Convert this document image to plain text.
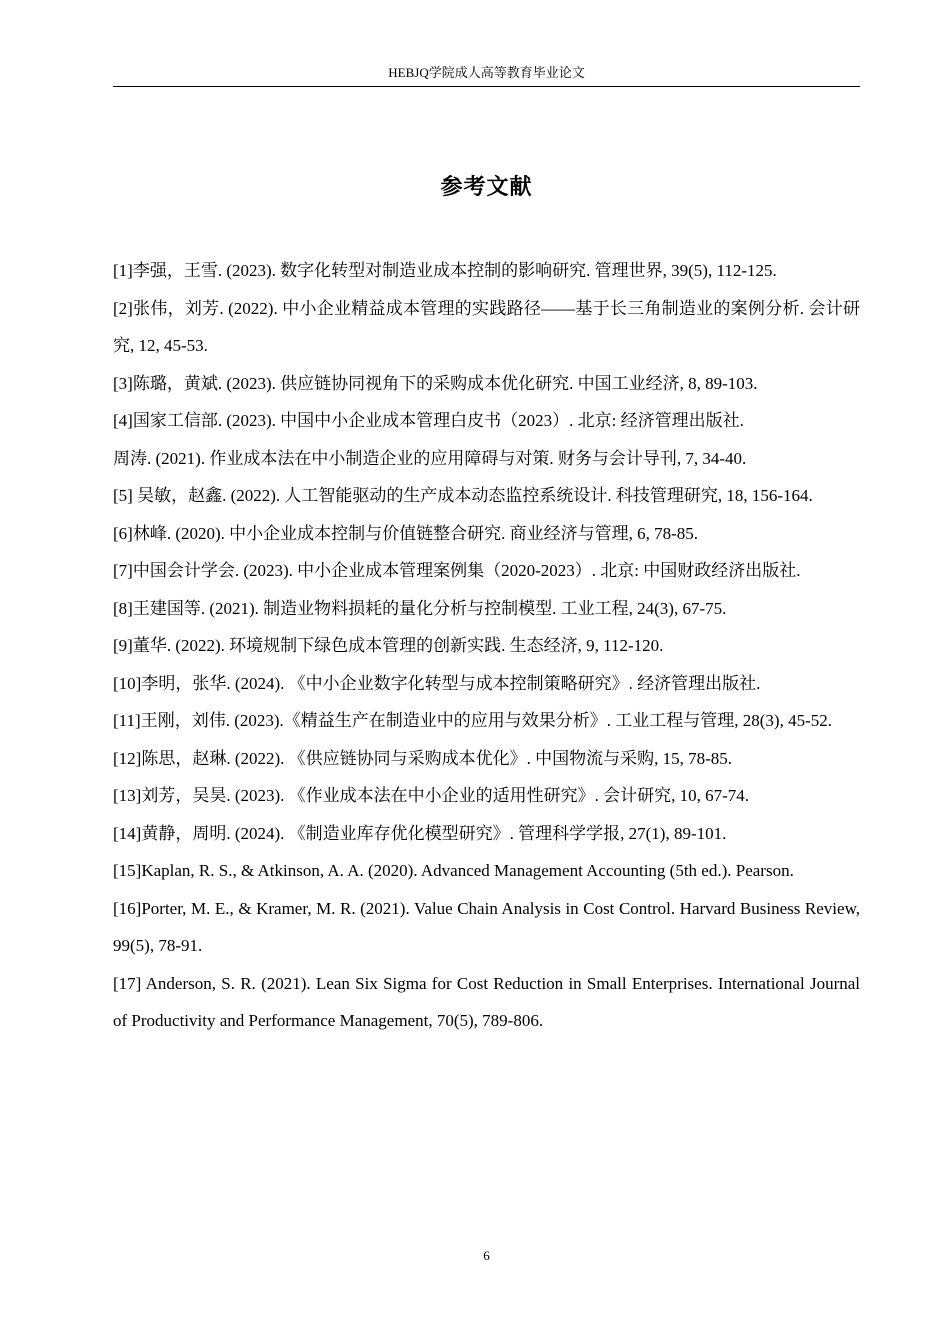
HEBJQ学院成人高等教育毕业论文
参考文献
[1]李强，王雪. (2023). 数字化转型对制造业成本控制的影响研究. 管理世界, 39(5), 112-125.
[2]张伟，刘芳. (2022). 中小企业精益成本管理的实践路径——基于长三角制造业的案例分析. 会计研究, 12, 45-53.
[3]陈璐，黄斌. (2023). 供应链协同视角下的采购成本优化研究. 中国工业经济, 8, 89-103.
[4]国家工信部. (2023). 中国中小企业成本管理白皮书（2023）. 北京: 经济管理出版社.
周涛. (2021). 作业成本法在中小制造企业的应用障碍与对策. 财务与会计导刊, 7, 34-40.
[5] 吴敏，赵鑫. (2022). 人工智能驱动的生产成本动态监控系统设计. 科技管理研究, 18, 156-164.
[6]林峰. (2020). 中小企业成本控制与价值链整合研究. 商业经济与管理, 6, 78-85.
[7]中国会计学会. (2023). 中小企业成本管理案例集（2020-2023）. 北京: 中国财政经济出版社.
[8]王建国等. (2021). 制造业物料损耗的量化分析与控制模型. 工业工程, 24(3), 67-75.
[9]董华. (2022). 环境规制下绿色成本管理的创新实践. 生态经济, 9, 112-120.
[10]李明，张华. (2024). 《中小企业数字化转型与成本控制策略研究》. 经济管理出版社.
[11]王刚，刘伟. (2023).《精益生产在制造业中的应用与效果分析》. 工业工程与管理, 28(3), 45-52.
[12]陈思，赵琳. (2022). 《供应链协同与采购成本优化》. 中国物流与采购, 15, 78-85.
[13]刘芳，吴昊. (2023). 《作业成本法在中小企业的适用性研究》. 会计研究, 10, 67-74.
[14]黄静，周明. (2024). 《制造业库存优化模型研究》. 管理科学学报, 27(1), 89-101.
[15]Kaplan, R. S., & Atkinson, A. A. (2020). Advanced Management Accounting (5th ed.). Pearson.
[16]Porter, M. E., & Kramer, M. R. (2021). Value Chain Analysis in Cost Control. Harvard Business Review, 99(5), 78-91.
[17] Anderson, S. R. (2021). Lean Six Sigma for Cost Reduction in Small Enterprises. International Journal of Productivity and Performance Management, 70(5), 789-806.
6
